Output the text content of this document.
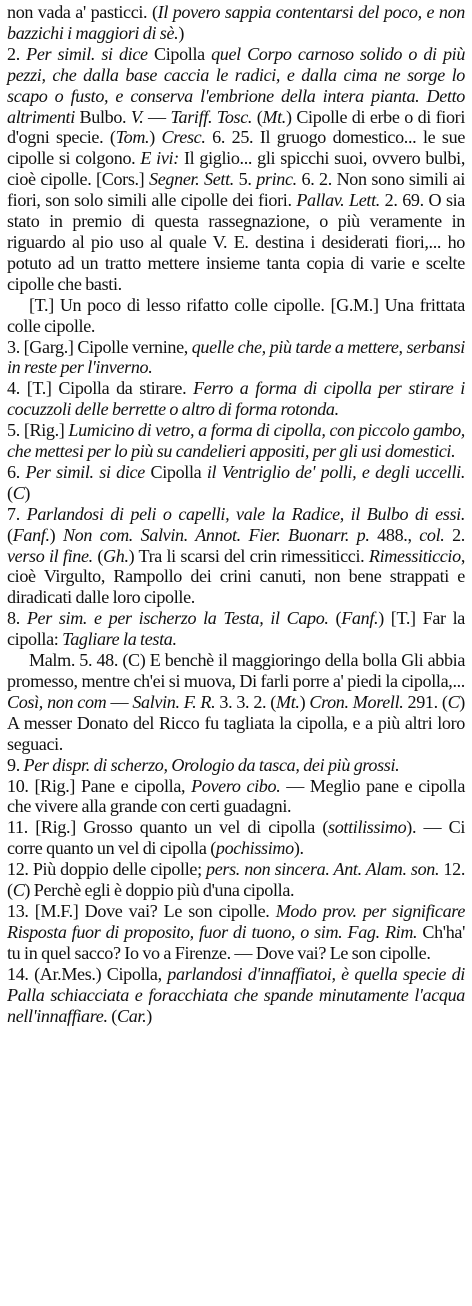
non vada a' pasticci. (Il povero sappia contentarsi del poco, e non bazzichi i maggiori di sè.)

2. Per simil. si dice Cipolla quel Corpo carnoso solido o di più pezzi, che dalla base caccia le radici, e dalla cima ne sorge lo scapo o fusto, e conserva l'embrione della intera pianta. Detto altrimenti Bulbo. V. — Tariff. Tosc. (Mt.) Cipolle di erbe o di fiori d'ogni specie. (Tom.) Cresc. 6. 25. Il gruogo domestico... le sue cipolle si colgono. E ivi: Il giglio... gli spicchi suoi, ovvero bulbi, cioè cipolle. [Cors.] Segner. Sett. 5. princ. 6. 2. Non sono simili ai fiori, son solo simili alle cipolle dei fiori. Pallav. Lett. 2. 69. O sia stato in premio di questa rassegnazione, o più veramente in riguardo al pio uso al quale V. E. destina i desiderati fiori,... ho potuto ad un tratto mettere insieme tanta copia di varie e scelte cipolle che basti.

[T.] Un poco di lesso rifatto colle cipolle. [G.M.] Una frittata colle cipolle.

3. [Garg.] Cipolle vernine, quelle che, più tarde a mettere, serbansi in reste per l'inverno.

4. [T.] Cipolla da stirare. Ferro a forma di cipolla per stirare i cocuzzoli delle berrette o altro di forma rotonda.

5. [Rig.] Lumicino di vetro, a forma di cipolla, con piccolo gambo, che mettesi per lo più su candelieri appositi, per gli usi domestici.

6. Per simil. si dice Cipolla il Ventriglio de' polli, e degli uccelli. (C)

7. Parlandosi di peli o capelli, vale la Radice, il Bulbo di essi. (Fanf.) Non com. Salvin. Annot. Fier. Buonarr. p. 488., col. 2. verso il fine. (Gh.) Tra li scarsi del crin rimessiticci. Rimessiticcio, cioè Virgulto, Rampollo dei crini canuti, non bene strappati e diradicati dalle loro cipolle.

8. Per sim. e per ischerzo la Testa, il Capo. (Fanf.) [T.] Far la cipolla: Tagliare la testa.

Malm. 5. 48. (C) E benchè il maggioringo della bolla Gli abbia promesso, mentre ch'ei si muova, Di farli porre a' piedi la cipolla,... Così, non com — Salvin. F. R. 3. 3. 2. (Mt.) Cron. Morell. 291. (C) A messer Donato del Ricco fu tagliata la cipolla, e a più altri loro seguaci.

9. Per dispr. di scherzo, Orologio da tasca, dei più grossi.

10. [Rig.] Pane e cipolla, Povero cibo. — Meglio pane e cipolla che vivere alla grande con certi guadagni.

11. [Rig.] Grosso quanto un vel di cipolla (sottilissimo). — Ci corre quanto un vel di cipolla (pochissimo).

12. Più doppio delle cipolle; pers. non sincera. Ant. Alam. son. 12. (C) Perchè egli è doppio più d'una cipolla.

13. [M.F.] Dove vai? Le son cipolle. Modo prov. per significare Risposta fuor di proposito, fuor di tuono, o sim. Fag. Rim. Ch'ha' tu in quel sacco? Io vo a Firenze. — Dove vai? Le son cipolle.

14. (Ar.Mes.) Cipolla, parlandosi d'innaffiatoi, è quella specie di Palla schiacciata e foracchiata che spande minutamente l'acqua nell'innaffiare. (Car.)
